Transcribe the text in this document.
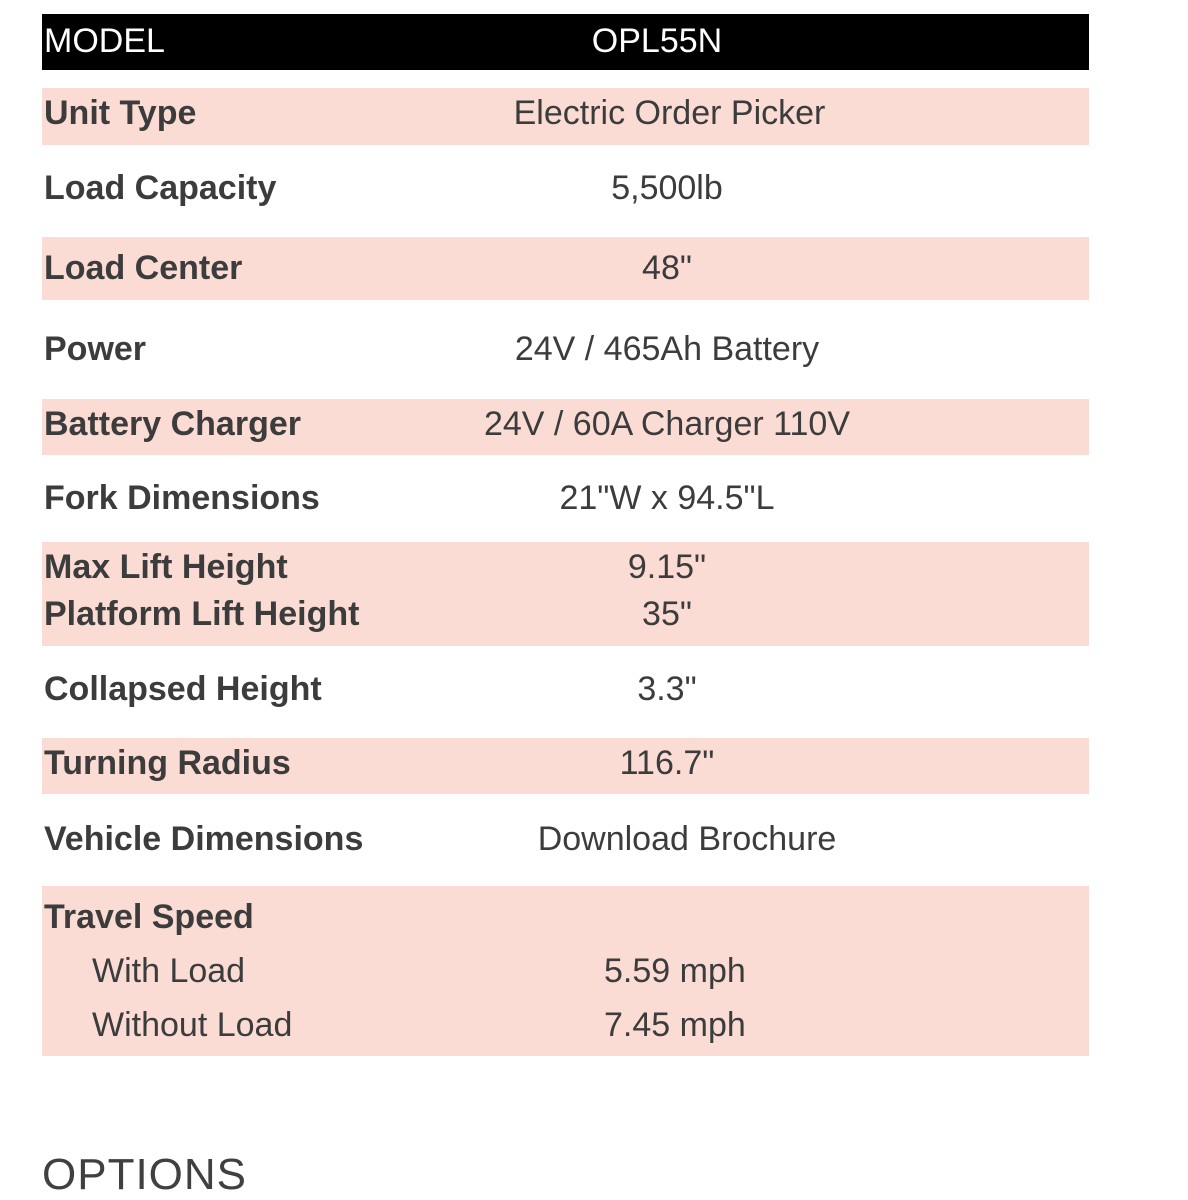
MODEL	OPL55N
Unit Type	Electric Order Picker
Load Capacity	5,500lb
Load Center	48"
Power	24V / 465Ah Battery
Battery Charger	24V / 60A Charger 110V
Fork Dimensions	21"W x 94.5"L
Max Lift Height	9.15"
Platform Lift Height	35"
Collapsed Height	3.3"
Turning Radius	116.7"
Vehicle Dimensions	Download Brochure
Travel Speed
With Load	5.59 mph
Without Load	7.45 mph
OPTIONS
